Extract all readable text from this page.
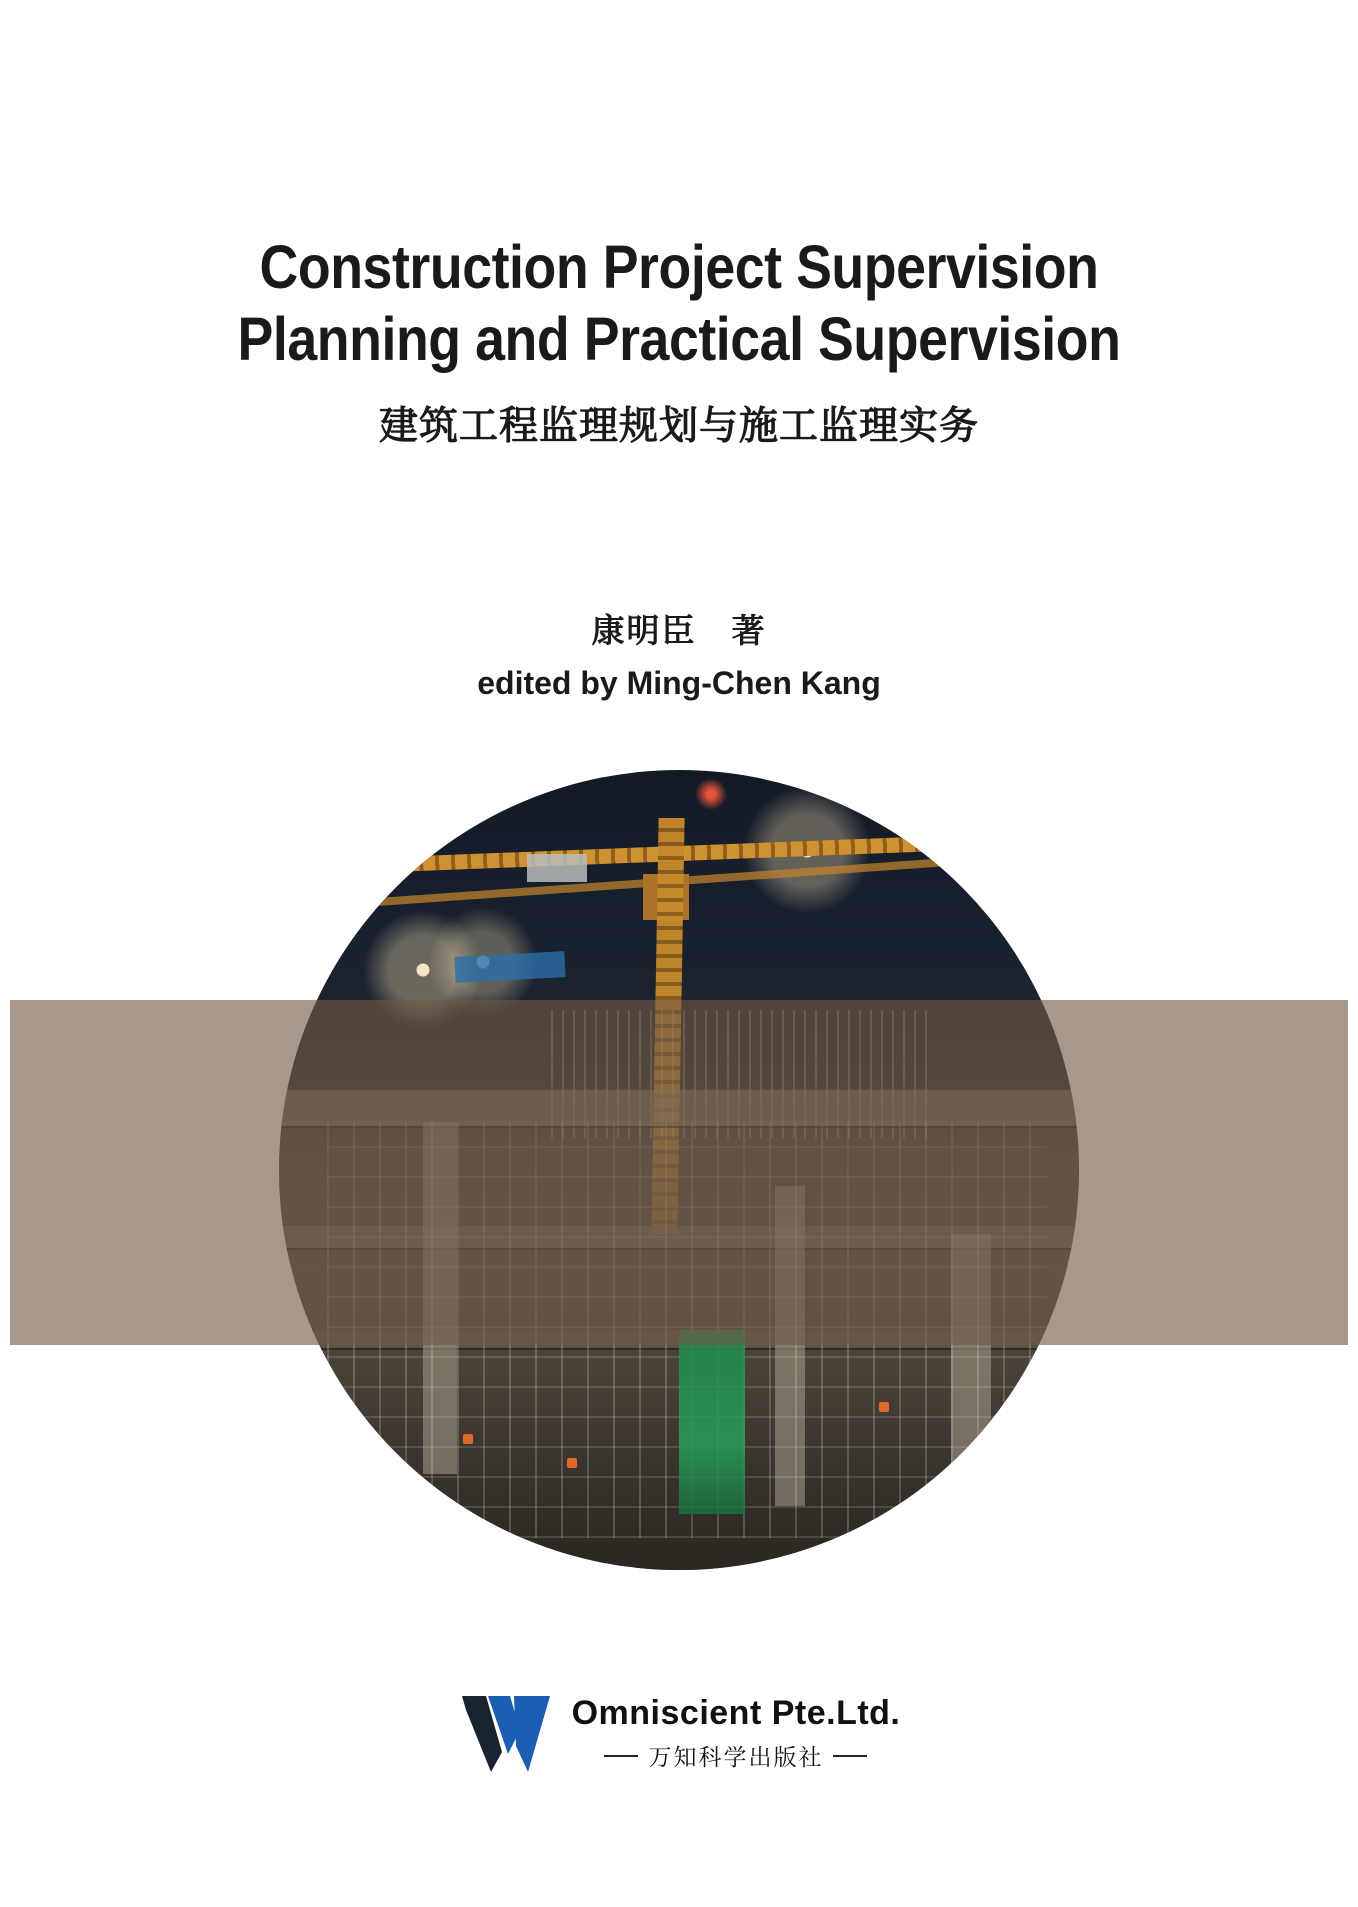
Construction Project Supervision
Planning and Practical Supervision
建筑工程监理规划与施工监理实务
康明臣　著
edited by Ming-Chen Kang
Omniscient Pte.Ltd.
万知科学出版社
